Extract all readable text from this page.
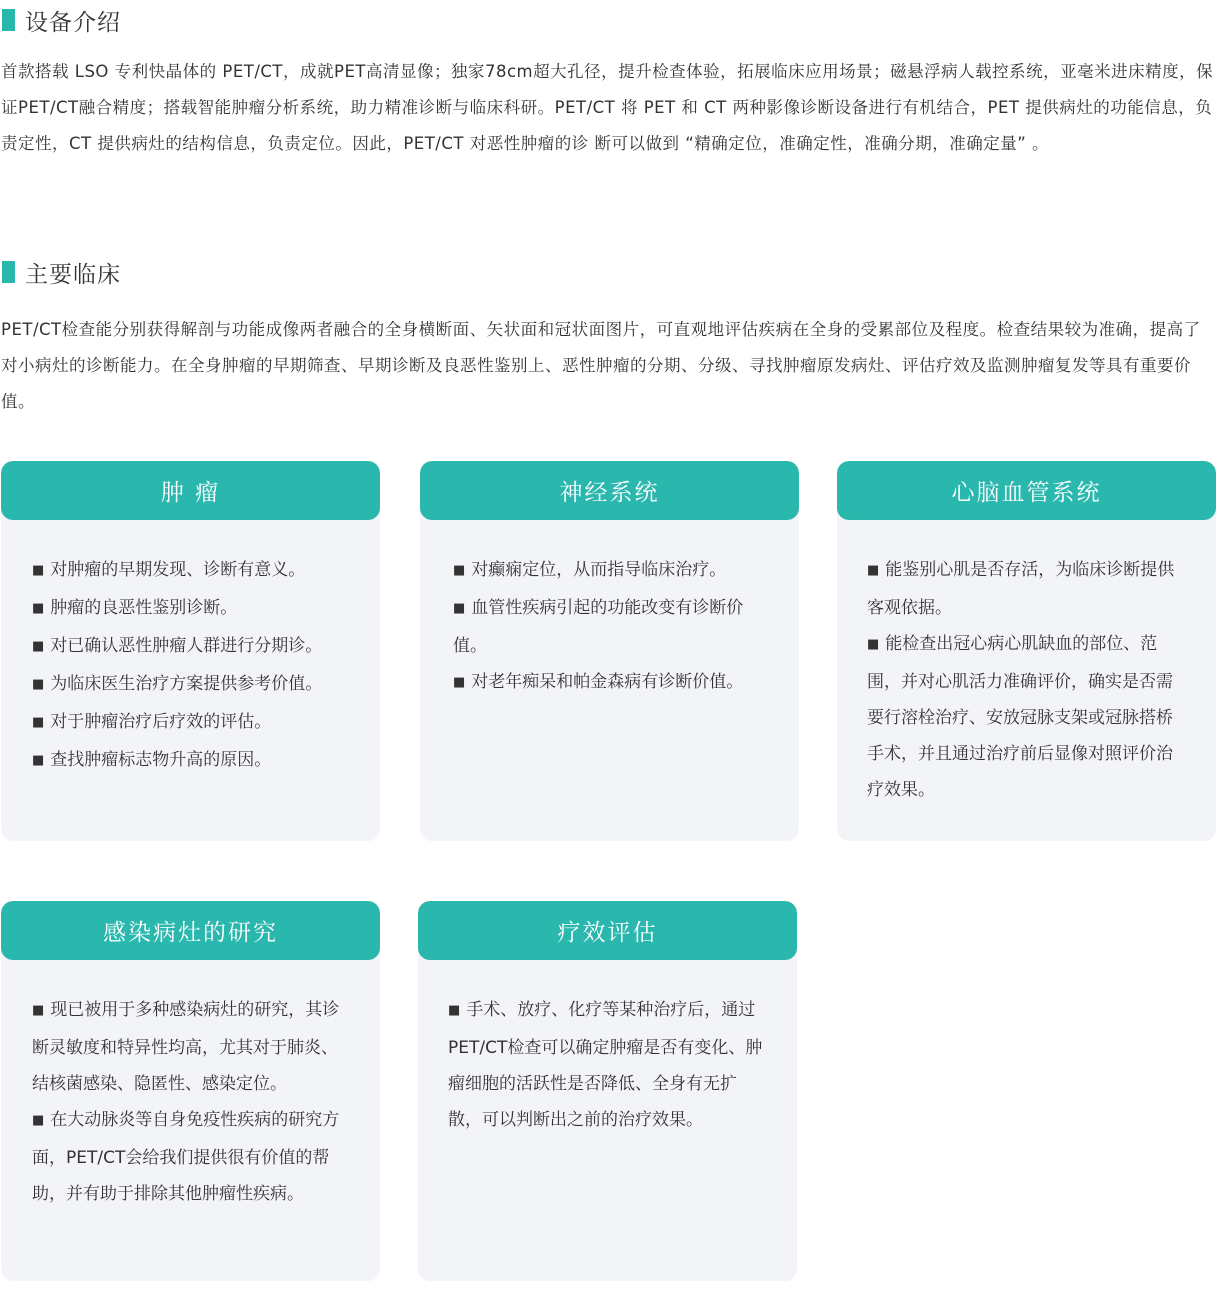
设备介绍

首款搭载 LSO 专利快晶体的 PET/CT，成就PET高清显像；独家78cm超大孔径，提升检查体验，拓展临床应用场景；磁悬浮病人载控系统，亚毫米进床精度，保证PET/CT融合精度；搭载智能肿瘤分析系统，助力精准诊断与临床科研。PET/CT 将 PET 和 CT 两种影像诊断设备进行有机结合，PET 提供病灶的功能信息，负责定性，CT 提供病灶的结构信息，负责定位。因此，PET/CT 对恶性肿瘤的诊 断可以做到 “精确定位，准确定性，准确分期，准确定量” 。

主要临床

PET/CT检查能分别获得解剖与功能成像两者融合的全身横断面、矢状面和冠状面图片，可直观地评估疾病在全身的受累部位及程度。检查结果较为准确，提高了对小病灶的诊断能力。在全身肿瘤的早期筛查、早期诊断及良恶性鉴别上、恶性肿瘤的分期、分级、寻找肿瘤原发病灶、评估疗效及监测肿瘤复发等具有重要价值。

肿 瘤

■ 对肿瘤的早期发现、诊断有意义。

■ 肿瘤的良恶性鉴别诊断。

■ 对已确认恶性肿瘤人群进行分期诊。

■ 为临床医生治疗方案提供参考价值。

■ 对于肿瘤治疗后疗效的评估。

■ 查找肿瘤标志物升高的原因。

神经系统

■ 对癫痫定位，从而指导临床治疗。

■ 血管性疾病引起的功能改变有诊断价值。

■ 对老年痴呆和帕金森病有诊断价值。

心脑血管系统

■ 能鉴别心肌是否存活，为临床诊断提供客观依据。

■ 能检查出冠心病心肌缺血的部位、范围，并对心肌活力准确评价，确实是否需要行溶栓治疗、安放冠脉支架或冠脉搭桥手术，并且通过治疗前后显像对照评价治疗效果。

感染病灶的研究

■ 现已被用于多种感染病灶的研究，其诊断灵敏度和特异性均高，尤其对于肺炎、结核菌感染、隐匿性、感染定位。

■ 在大动脉炎等自身免疫性疾病的研究方面，PET/CT会给我们提供很有价值的帮助，并有助于排除其他肿瘤性疾病。

疗效评估

■ 手术、放疗、化疗等某种治疗后，通过PET/CT检查可以确定肿瘤是否有变化、肿瘤细胞的活跃性是否降低、全身有无扩散，可以判断出之前的治疗效果。
